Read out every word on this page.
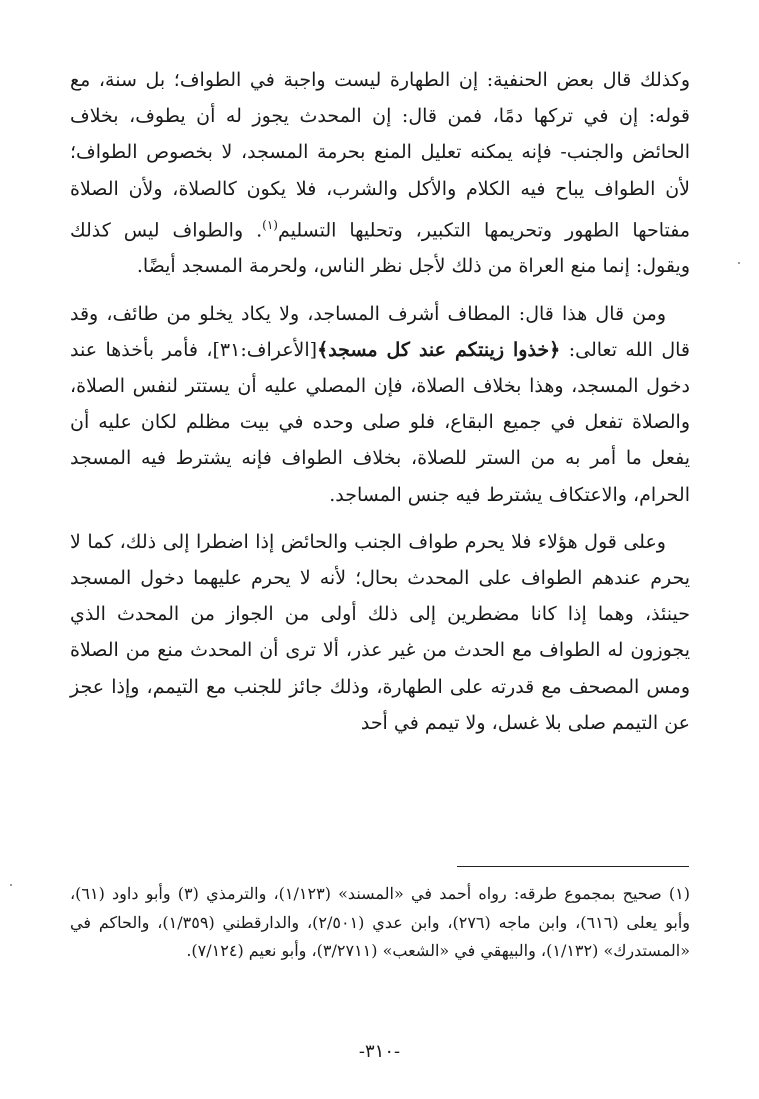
وكذلك قال بعض الحنفية: إن الطهارة ليست واجبة في الطواف؛ بل سنة، مع قوله: إن في تركها دمًا، فمن قال: إن المحدث يجوز له أن يطوف، بخلاف الحائض والجنب- فإنه يمكنه تعليل المنع بحرمة المسجد، لا بخصوص الطواف؛ لأن الطواف يباح فيه الكلام والأكل والشرب، فلا يكون كالصلاة، ولأن الصلاة مفتاحها الطهور وتحريمها التكبير، وتحليها التسليم$^{(١)}$. والطواف ليس كذلك ويقول: إنما منع العراة من ذلك لأجل نظر الناس، ولحرمة المسجد أيضًا.

ومن قال هذا قال: المطاف أشرف المساجد، ولا يكاد يخلو من طائف، وقد قال الله تعالى: ﴿خذوا زينتكم عند كل مسجد﴾[الأعراف:٣١]، فأمر بأخذها عند دخول المسجد، وهذا بخلاف الصلاة، فإن المصلي عليه أن يستتر لنفس الصلاة، والصلاة تفعل في جميع البقاع، فلو صلى وحده في بيت مظلم لكان عليه أن يفعل ما أمر به من الستر للصلاة، بخلاف الطواف فإنه يشترط فيه المسجد الحرام، والاعتكاف يشترط فيه جنس المساجد.

وعلى قول هؤلاء فلا يحرم طواف الجنب والحائض إذا اضطرا إلى ذلك، كما لا يحرم عندهم الطواف على المحدث بحال؛ لأنه لا يحرم عليهما دخول المسجد حينئذ، وهما إذا كانا مضطرين إلى ذلك أولى من الجواز من المحدث الذي يجوزون له الطواف مع الحدث من غير عذر، ألا ترى أن المحدث منع من الصلاة ومس المصحف مع قدرته على الطهارة، وذلك جائز للجنب مع التيمم، وإذا عجز عن التيمم صلى بلا غسل، ولا تيمم في أحد

(١) صحيح بمجموع طرقه: رواه أحمد في «المسند» (١/١٢٣)، والترمذي (٣) وأبو داود (٦١)، وأبو يعلى (٦١٦)، وابن ماجه (٢٧٦)، وابن عدي (٢/٥٠١)، والدارقطني (١/٣٥٩)، والحاكم في «المستدرك» (١/١٣٢)، والبيهقي في «الشعب» (٣/٢٧١١)، وأبو نعيم (٧/١٢٤).

-٣١٠-
